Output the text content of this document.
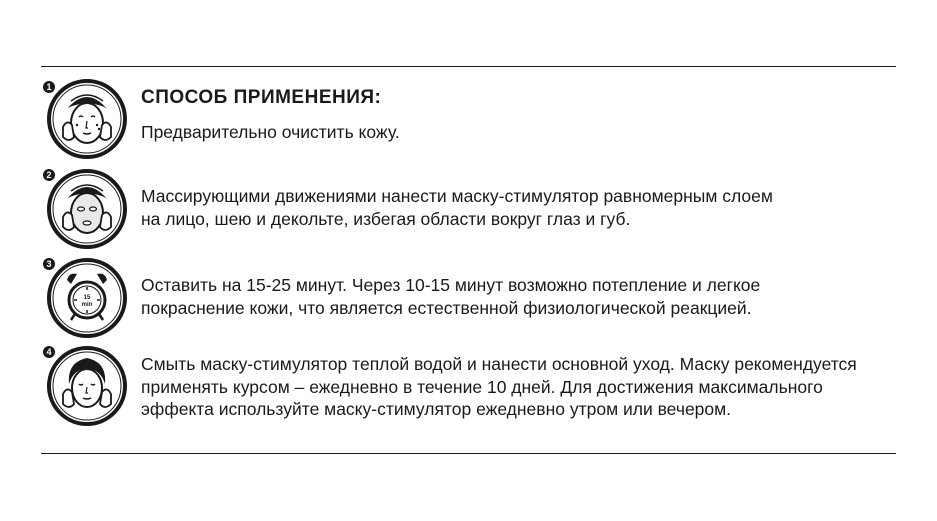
1	СПОСОБ ПРИМЕНЕНИЯ:
Предварительно очистить кожу.
2
Массирующими движениями нанести маску-стимулятор равномерным слоем
на лицо, шею и декольте, избегая области вокруг глаз и губ.
15
min
3
Оставить на 15-25 минут. Через 10-15 минут возможно потепление и легкое
покраснение кожи, что является естественной физиологической реакцией.
4
Смыть маску-стимулятор теплой водой и нанести основной уход. Маску рекомендуется
применять курсом – ежедневно в течение 10 дней. Для достижения максимального
эффекта используйте маску-стимулятор ежедневно утром или вечером.
